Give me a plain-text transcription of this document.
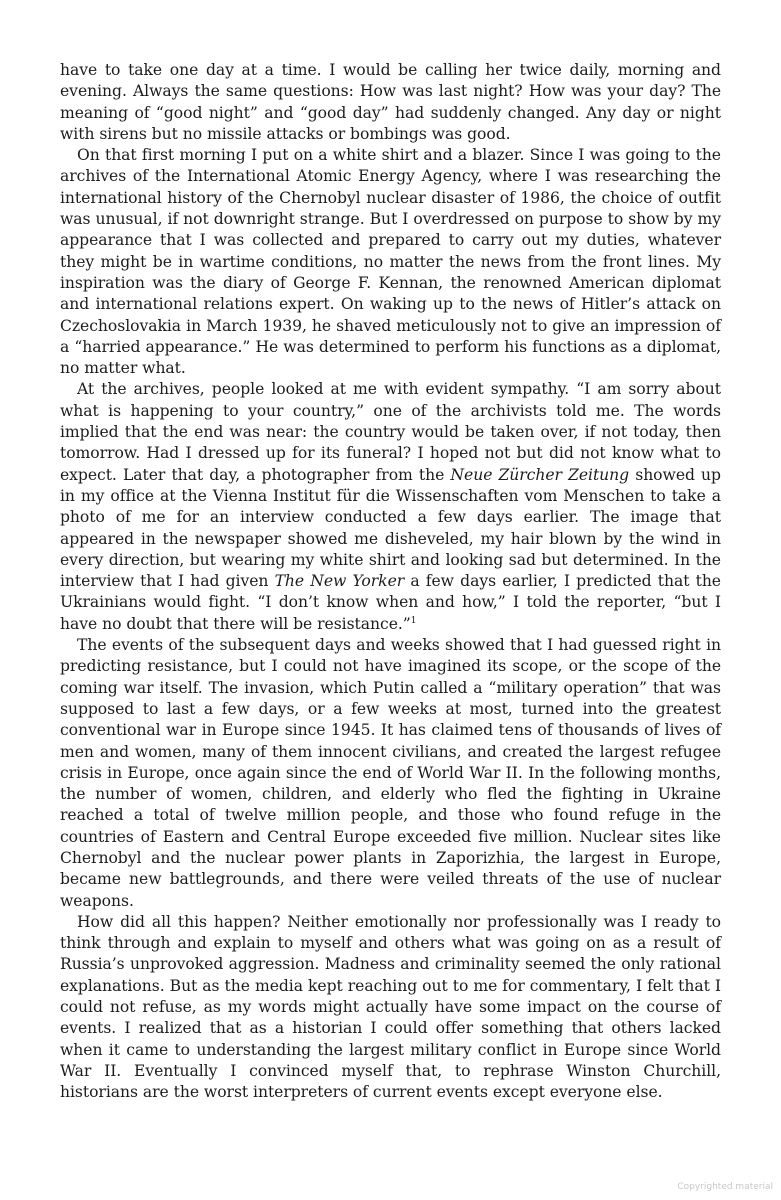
have to take one day at a time. I would be calling her twice daily, morning and evening. Always the same questions: How was last night? How was your day? The meaning of “good night” and “good day” had suddenly changed. Any day or night with sirens but no missile attacks or bombings was good.

On that first morning I put on a white shirt and a blazer. Since I was going to the archives of the International Atomic Energy Agency, where I was researching the international history of the Chernobyl nuclear disaster of 1986, the choice of outfit was unusual, if not downright strange. But I overdressed on purpose to show by my appearance that I was collected and prepared to carry out my duties, whatever they might be in wartime conditions, no matter the news from the front lines. My inspiration was the diary of George F. Kennan, the renowned American diplomat and international relations expert. On waking up to the news of Hitler’s attack on Czechoslovakia in March 1939, he shaved meticulously not to give an impression of a “harried appearance.” He was determined to perform his functions as a diplomat, no matter what.

At the archives, people looked at me with evident sympathy. “I am sorry about what is happening to your country,” one of the archivists told me. The words implied that the end was near: the country would be taken over, if not today, then tomorrow. Had I dressed up for its funeral? I hoped not but did not know what to expect. Later that day, a photographer from the Neue Zürcher Zeitung showed up in my office at the Vienna Institut für die Wissenschaften vom Menschen to take a photo of me for an interview conducted a few days earlier. The image that appeared in the newspaper showed me disheveled, my hair blown by the wind in every direction, but wearing my white shirt and looking sad but determined. In the interview that I had given The New Yorker a few days earlier, I predicted that the Ukrainians would fight. “I don’t know when and how,” I told the reporter, “but I have no doubt that there will be resistance.”$^1$

The events of the subsequent days and weeks showed that I had guessed right in predicting resistance, but I could not have imagined its scope, or the scope of the coming war itself. The invasion, which Putin called a “military operation” that was supposed to last a few days, or a few weeks at most, turned into the greatest conventional war in Europe since 1945. It has claimed tens of thousands of lives of men and women, many of them innocent civilians, and created the largest refugee crisis in Europe, once again since the end of World War II. In the following months, the number of women, children, and elderly who fled the fighting in Ukraine reached a total of twelve million people, and those who found refuge in the countries of Eastern and Central Europe exceeded five million. Nuclear sites like Chernobyl and the nuclear power plants in Zaporizhia, the largest in Europe, became new battlegrounds, and there were veiled threats of the use of nuclear weapons.

How did all this happen? Neither emotionally nor professionally was I ready to think through and explain to myself and others what was going on as a result of Russia’s unprovoked aggression. Madness and criminality seemed the only rational explanations. But as the media kept reaching out to me for commentary, I felt that I could not refuse, as my words might actually have some impact on the course of events. I realized that as a historian I could offer something that others lacked when it came to understanding the largest military conflict in Europe since World War II. Eventually I convinced myself that, to rephrase Winston Churchill, historians are the worst interpreters of current events except everyone else.

Copyrighted material
